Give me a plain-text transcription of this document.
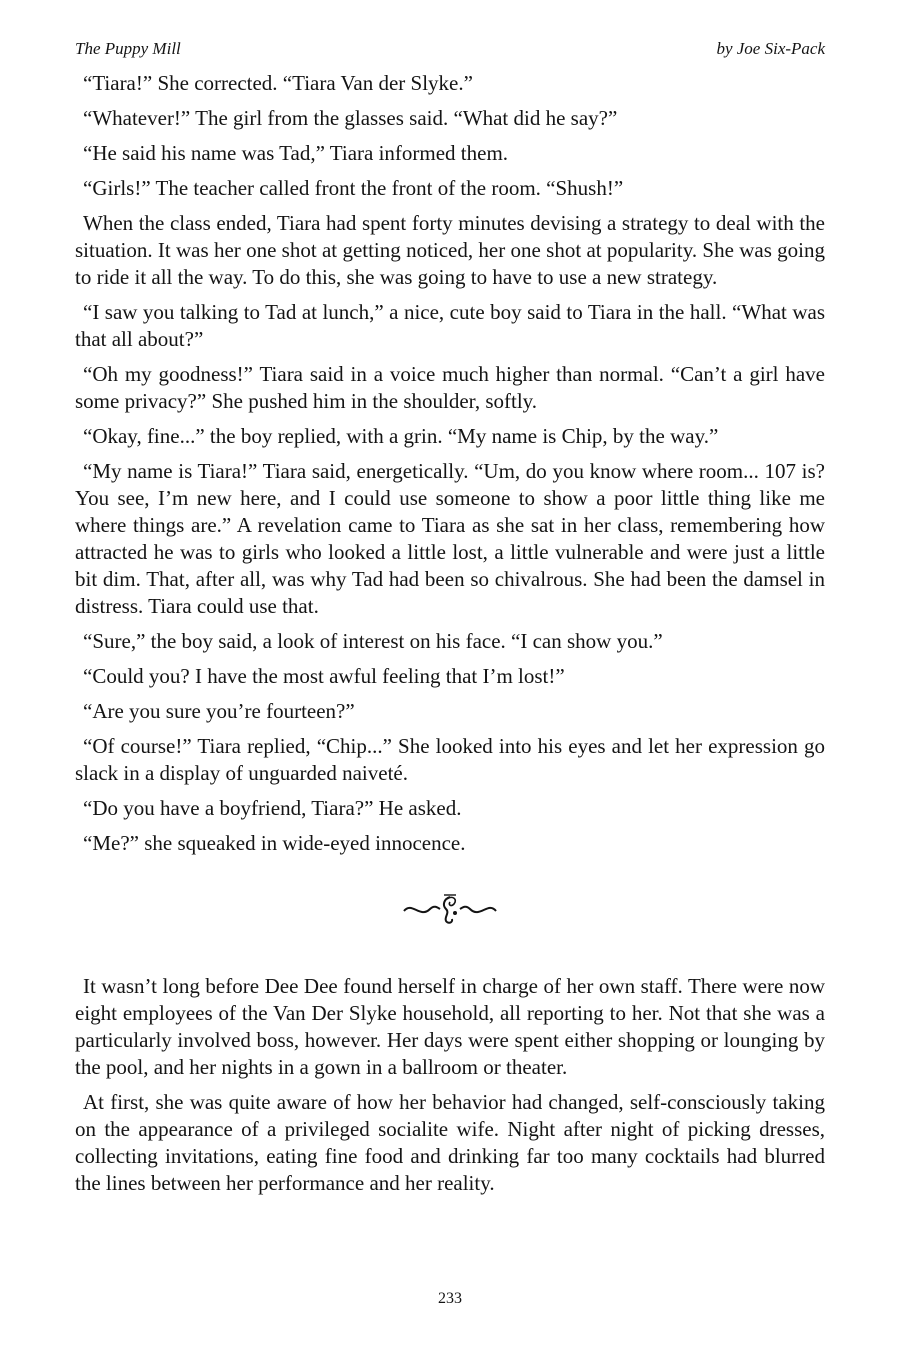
The Puppy Mill	by Joe Six-Pack

“Tiara!” She corrected. “Tiara Van der Slyke.”

“Whatever!” The girl from the glasses said. “What did he say?”

“He said his name was Tad,” Tiara informed them.

“Girls!” The teacher called front the front of the room. “Shush!”

When the class ended, Tiara had spent forty minutes devising a strategy to deal with the situation. It was her one shot at getting noticed, her one shot at popularity. She was going to ride it all the way. To do this, she was going to have to use a new strategy.

“I saw you talking to Tad at lunch,” a nice, cute boy said to Tiara in the hall. “What was that all about?”

“Oh my goodness!” Tiara said in a voice much higher than normal. “Can’t a girl have some privacy?” She pushed him in the shoulder, softly.

“Okay, fine...” the boy replied, with a grin. “My name is Chip, by the way.”

“My name is Tiara!” Tiara said, energetically. “Um, do you know where room... 107 is? You see, I’m new here, and I could use someone to show a poor little thing like me where things are.” A revelation came to Tiara as she sat in her class, remembering how attracted he was to girls who looked a little lost, a little vulnerable and were just a little bit dim. That, after all, was why Tad had been so chivalrous. She had been the damsel in distress. Tiara could use that.

“Sure,” the boy said, a look of interest on his face. “I can show you.”

“Could you? I have the most awful feeling that I’m lost!”

“Are you sure you’re fourteen?”

“Of course!” Tiara replied, “Chip...” She looked into his eyes and let her expression go slack in a display of unguarded naiveté.

“Do you have a boyfriend, Tiara?” He asked.

“Me?” she squeaked in wide-eyed innocence.

It wasn’t long before Dee Dee found herself in charge of her own staff. There were now eight employees of the Van Der Slyke household, all reporting to her. Not that she was a particularly involved boss, however. Her days were spent either shopping or lounging by the pool, and her nights in a gown in a ballroom or theater.

At first, she was quite aware of how her behavior had changed, self-consciously taking on the appearance of a privileged socialite wife. Night after night of picking dresses, collecting invitations, eating fine food and drinking far too many cocktails had blurred the lines between her performance and her reality.

233
